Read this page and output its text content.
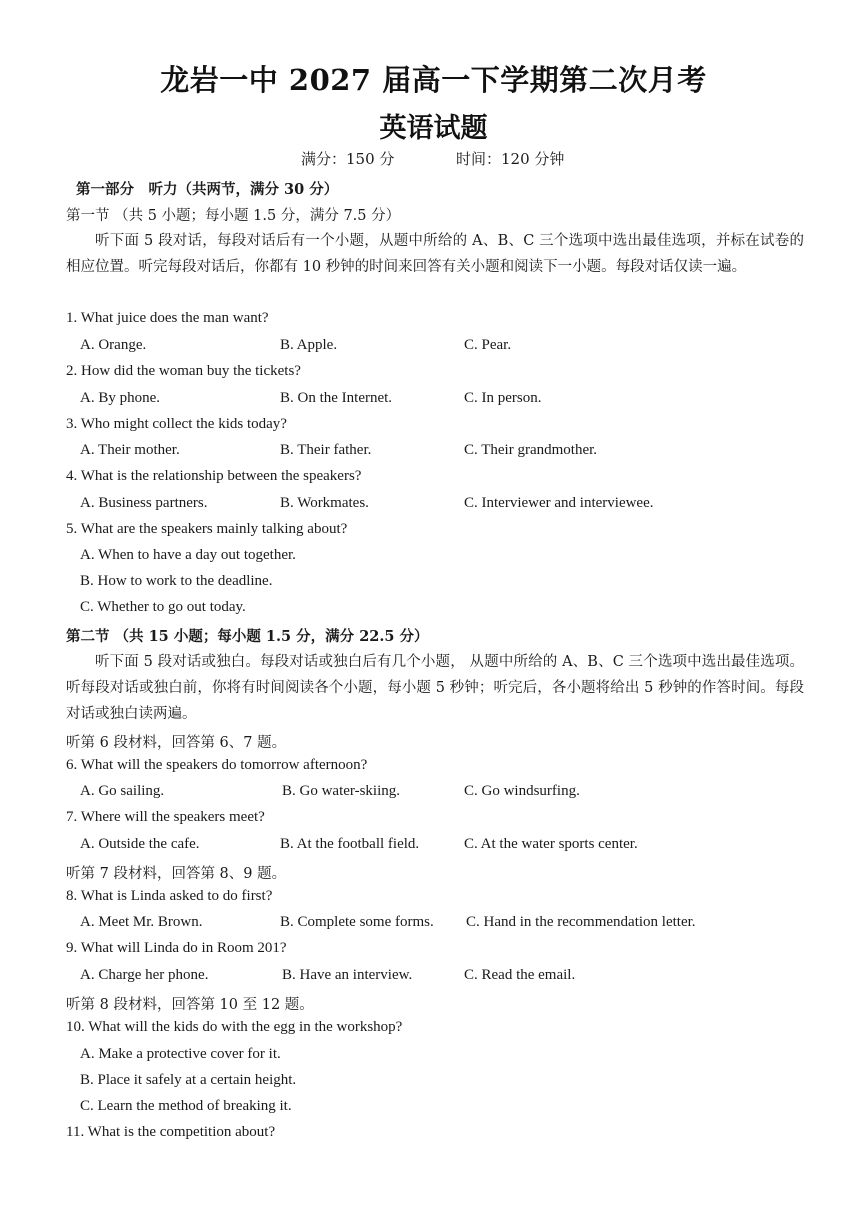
龙岩一中 2027 届高一下学期第二次月考
英语试题
满分：150 分	时间：120 分钟
第一部分　听力（共两节，满分 30 分）
第一节 （共 5 小题；每小题 1.5 分，满分 7.5 分）
听下面 5 段对话，每段对话后有一个小题，从题中所给的 A、B、C 三个选项中选出最佳选项，并标在试卷的相应位置。听完每段对话后，你都有 10 秒钟的时间来回答有关小题和阅读下一小题。每段对话仅读一遍。
1. What juice does the man want?
A. Orange.	B. Apple.	C. Pear.
2. How did the woman buy the tickets?
A. By phone.	B. On the Internet.	C. In person.
3. Who might collect the kids today?
A. Their mother.	B. Their father.	C. Their grandmother.
4. What is the relationship between the speakers?
A. Business partners.	B. Workmates.	C. Interviewer and interviewee.
5. What are the speakers mainly talking about?
A. When to have a day out together.
B. How to work to the deadline.
C. Whether to go out today.
第二节 （共 15 小题；每小题 1.5 分，满分 22.5 分）
听下面 5 段对话或独白。每段对话或独白后有几个小题， 从题中所给的 A、B、C 三个选项中选出最佳选项。听每段对话或独白前，你将有时间阅读各个小题，每小题 5 秒钟；听完后，各小题将给出 5 秒钟的作答时间。每段对话或独白读两遍。
听第 6 段材料，回答第 6、7 题。
6. What will the speakers do tomorrow afternoon?
A. Go sailing.	B. Go water-skiing.	C. Go windsurfing.
7. Where will the speakers meet?
A. Outside the cafe.	B. At the football field.	C. At the water sports center.
听第 7 段材料，回答第 8、9 题。
8. What is Linda asked to do first?
A. Meet Mr. Brown.	B. Complete some forms. C. Hand in the recommendation letter.
9. What will Linda do in Room 201?
A. Charge her phone.	B. Have an interview.	C. Read the email.
听第 8 段材料，回答第 10 至 12 题。
10. What will the kids do with the egg in the workshop?
A. Make a protective cover for it.
B. Place it safely at a certain height.
C. Learn the method of breaking it.
11. What is the competition about?
